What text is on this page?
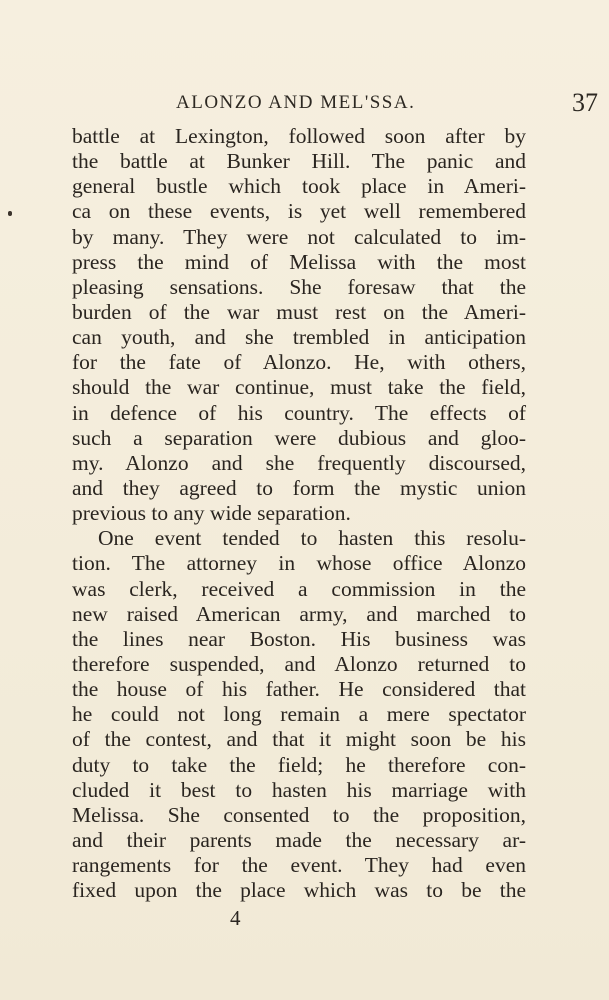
ALONZO AND MEL'SSA.	37
battle at Lexington, followed soon after by
the battle at Bunker Hill. The panic and
general bustle which took place in Ameri-
ca on these events, is yet well remembered
by many. They were not calculated to im-
press the mind of Melissa with the most
pleasing sensations. She foresaw that the
burden of the war must rest on the Ameri-
can youth, and she trembled in anticipation
for the fate of Alonzo. He, with others,
should the war continue, must take the field,
in defence of his country. The effects of
such a separation were dubious and gloo-
my. Alonzo and she frequently discoursed,
and they agreed to form the mystic union
previous to any wide separation.
One event tended to hasten this resolu-
tion. The attorney in whose office Alonzo
was clerk, received a commission in the
new raised American army, and marched to
the lines near Boston. His business was
therefore suspended, and Alonzo returned to
the house of his father. He considered that
he could not long remain a mere spectator
of the contest, and that it might soon be his
duty to take the field; he therefore con-
cluded it best to hasten his marriage with
Melissa. She consented to the proposition,
and their parents made the necessary ar-
rangements for the event. They had even
fixed upon the place which was to be the
4
